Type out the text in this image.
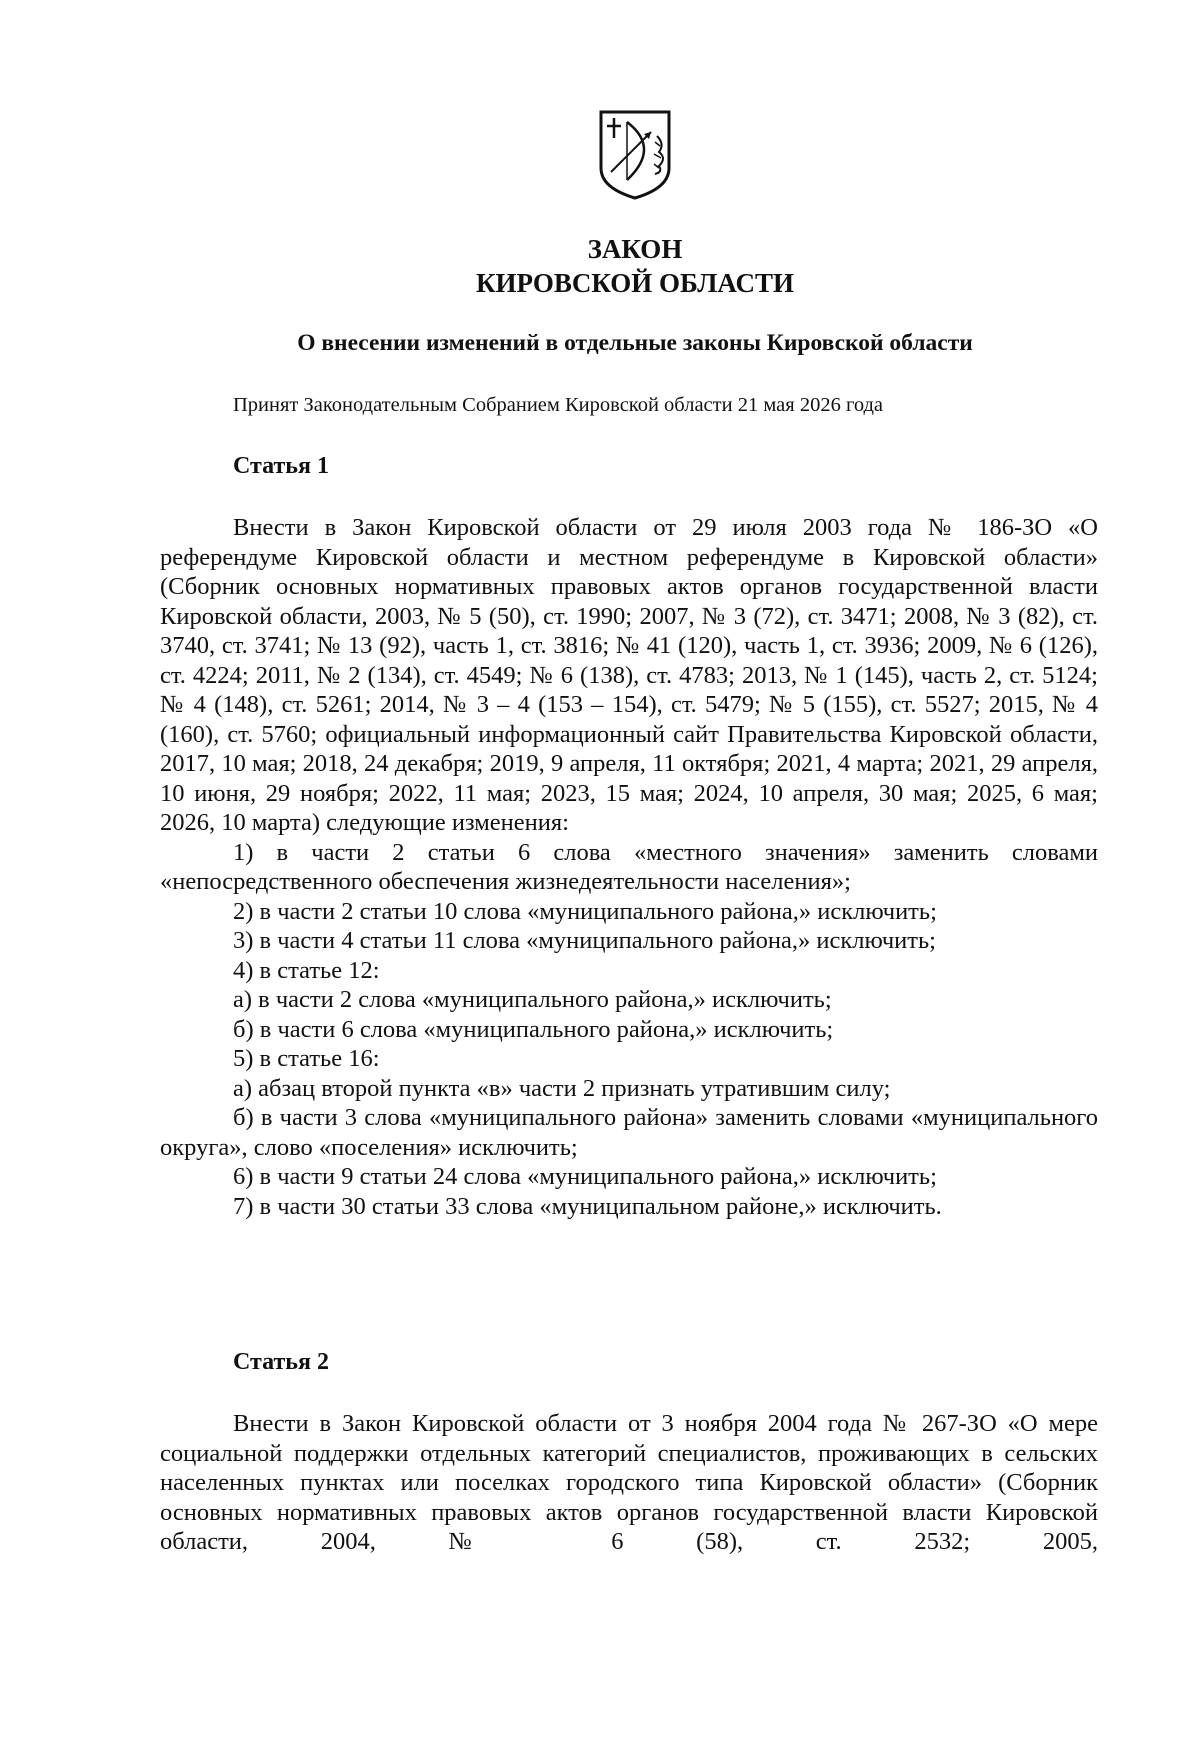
ЗАКОН
КИРОВСКОЙ ОБЛАСТИ
О внесении изменений в отдельные законы Кировской области

Принят Законодательным Собранием Кировской области 21 мая 2026 года

Статья 1

Внести в Закон Кировской области от 29 июля 2003 года № 186-ЗО «О референдуме Кировской области и местном референдуме в Кировской области» (Сборник основных нормативных правовых актов органов государственной власти Кировской области, 2003, № 5 (50), ст. 1990; 2007, № 3 (72), ст. 3471; 2008, № 3 (82), ст. 3740, ст. 3741; № 13 (92), часть 1, ст. 3816; № 41 (120), часть 1, ст. 3936; 2009, № 6 (126), ст. 4224; 2011, № 2 (134), ст. 4549; № 6 (138), ст. 4783; 2013, № 1 (145), часть 2, ст. 5124; № 4 (148), ст. 5261; 2014, № 3 – 4 (153 – 154), ст. 5479; № 5 (155), ст. 5527; 2015, № 4 (160), ст. 5760; официальный информационный сайт Правительства Кировской области, 2017, 10 мая; 2018, 24 декабря; 2019, 9 апреля, 11 октября; 2021, 4 марта; 2021, 29 апреля, 10 июня, 29 ноября; 2022, 11 мая; 2023, 15 мая; 2024, 10 апреля, 30 мая; 2025, 6 мая; 2026, 10 марта) следующие изменения:

1) в части 2 статьи 6 слова «местного значения» заменить словами «непосредственного обеспечения жизнедеятельности населения»;

2) в части 2 статьи 10 слова «муниципального района,» исключить;

3) в части 4 статьи 11 слова «муниципального района,» исключить;

4) в статье 12:

а) в части 2 слова «муниципального района,» исключить;

б) в части 6 слова «муниципального района,» исключить;

5) в статье 16:

а) абзац второй пункта «в» части 2 признать утратившим силу;

б) в части 3 слова «муниципального района» заменить словами «муниципального округа», слово «поселения» исключить;

6) в части 9 статьи 24 слова «муниципального района,» исключить;

7) в части 30 статьи 33 слова «муниципальном районе,» исключить.

Статья 2

Внести в Закон Кировской области от 3 ноября 2004 года № 267-ЗО «О мере социальной поддержки отдельных категорий специалистов, проживающих в сельских населенных пунктах или поселках городского типа Кировской области» (Сборник основных нормативных правовых актов органов государственной власти Кировской области, 2004, № 6 (58), ст. 2532; 2005,
